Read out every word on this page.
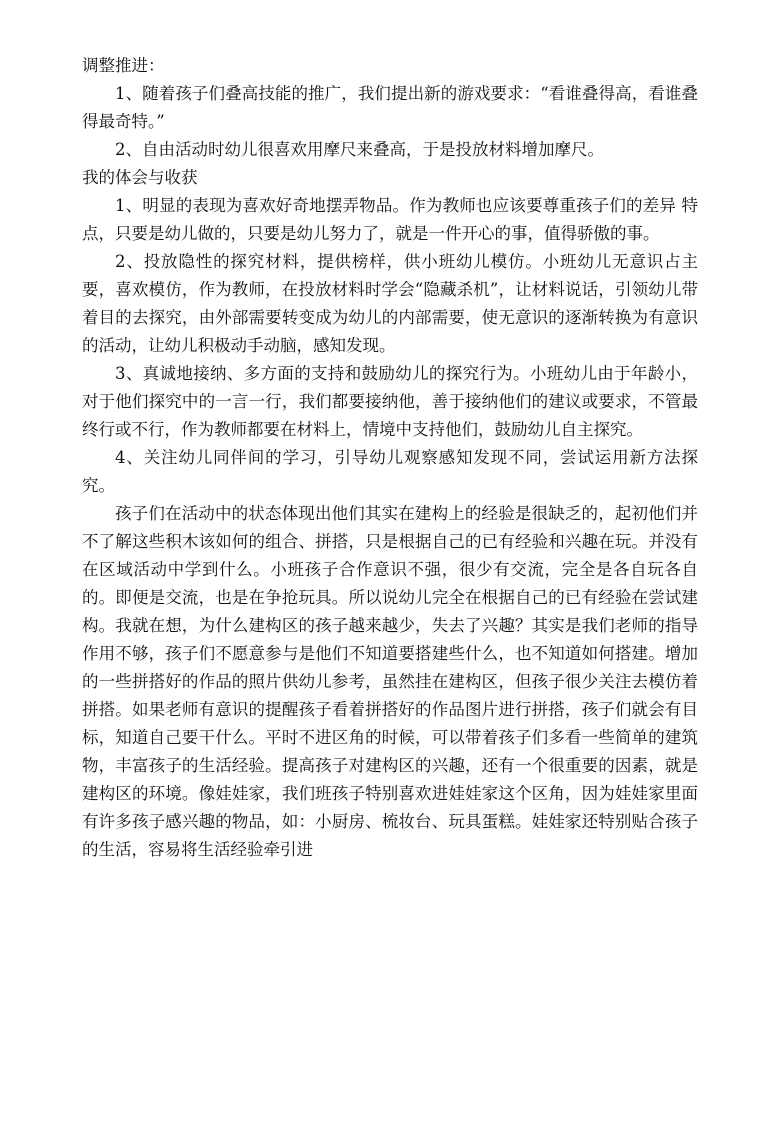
调整推进：

1、随着孩子们叠高技能的推广，我们提出新的游戏要求：“看谁叠得高，看谁叠得最奇特。”

2、自由活动时幼儿很喜欢用摩尺来叠高，于是投放材料增加摩尺。

我的体会与收获

1、明显的表现为喜欢好奇地摆弄物品。作为教师也应该要尊重孩子们的差异 特点，只要是幼儿做的，只要是幼儿努力了，就是一件开心的事，值得骄傲的事。

2、投放隐性的探究材料，提供榜样，供小班幼儿模仿。小班幼儿无意识占主要，喜欢模仿，作为教师，在投放材料时学会“隐藏杀机”，让材料说话，引领幼儿带着目的去探究，由外部需要转变成为幼儿的内部需要，使无意识的逐渐转换为有意识的活动，让幼儿积极动手动脑，感知发现。

3、真诚地接纳、多方面的支持和鼓励幼儿的探究行为。小班幼儿由于年龄小，对于他们探究中的一言一行，我们都要接纳他，善于接纳他们的建议或要求，不管最终行或不行，作为教师都要在材料上，情境中支持他们，鼓励幼儿自主探究。

4、关注幼儿同伴间的学习，引导幼儿观察感知发现不同，尝试运用新方法探究。

孩子们在活动中的状态体现出他们其实在建构上的经验是很缺乏的，起初他们并不了解这些积木该如何的组合、拼搭，只是根据自己的已有经验和兴趣在玩。并没有在区域活动中学到什么。小班孩子合作意识不强，很少有交流，完全是各自玩各自的。即便是交流，也是在争抢玩具。所以说幼儿完全在根据自己的已有经验在尝试建构。我就在想，为什么建构区的孩子越来越少，失去了兴趣？其实是我们老师的指导作用不够，孩子们不愿意参与是他们不知道要搭建些什么，也不知道如何搭建。增加的一些拼搭好的作品的照片供幼儿参考，虽然挂在建构区，但孩子很少关注去模仿着拼搭。如果老师有意识的提醒孩子看着拼搭好的作品图片进行拼搭，孩子们就会有目标，知道自己要干什么。平时不进区角的时候，可以带着孩子们多看一些简单的建筑物，丰富孩子的生活经验。提高孩子对建构区的兴趣，还有一个很重要的因素，就是建构区的环境。像娃娃家，我们班孩子特别喜欢进娃娃家这个区角，因为娃娃家里面有许多孩子感兴趣的物品，如：小厨房、梳妆台、玩具蛋糕。娃娃家还特别贴合孩子的生活，容易将生活经验牵引进
